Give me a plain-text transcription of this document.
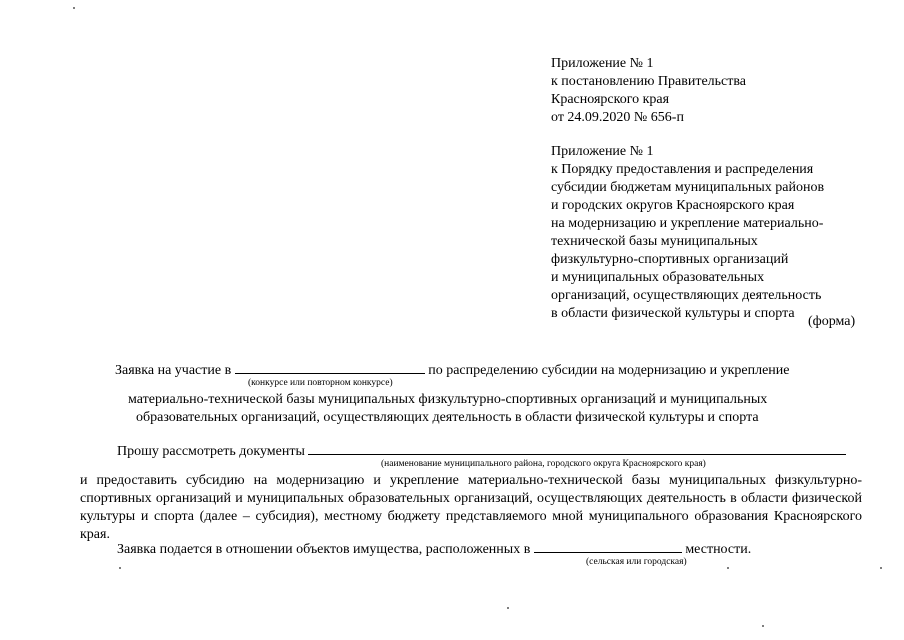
Приложение № 1
к постановлению Правительства
Красноярского края
от 24.09.2020 № 656-п
Приложение № 1
к Порядку предоставления и распределения
субсидии бюджетам муниципальных районов
и городских округов Красноярского края
на модернизацию и укрепление материально-
технической базы муниципальных
физкультурно-спортивных организаций
и муниципальных образовательных
организаций, осуществляющих деятельность
в области физической культуры и спорта
(форма)
Заявка на участие в	по распределению субсидии на модернизацию и укрепление
(конкурсе или повторном конкурсе)
материально-технической базы муниципальных физкультурно-спортивных организаций и муниципальных
образовательных организаций, осуществляющих деятельность в области физической культуры и спорта
Прошу рассмотреть документы
(наименование муниципального района, городского округа Красноярского края)
и предоставить субсидию на модернизацию и укрепление материально-технической базы муниципальных физкультурно-спортивных организаций и муниципальных образовательных организаций, осуществляющих деятельность в области физической культуры и спорта (далее – субсидия), местному бюджету представляемого мной муниципального образования Красноярского края.
Заявка подается в отношении объектов имущества, расположенных в	местности.
(сельская или городская)
